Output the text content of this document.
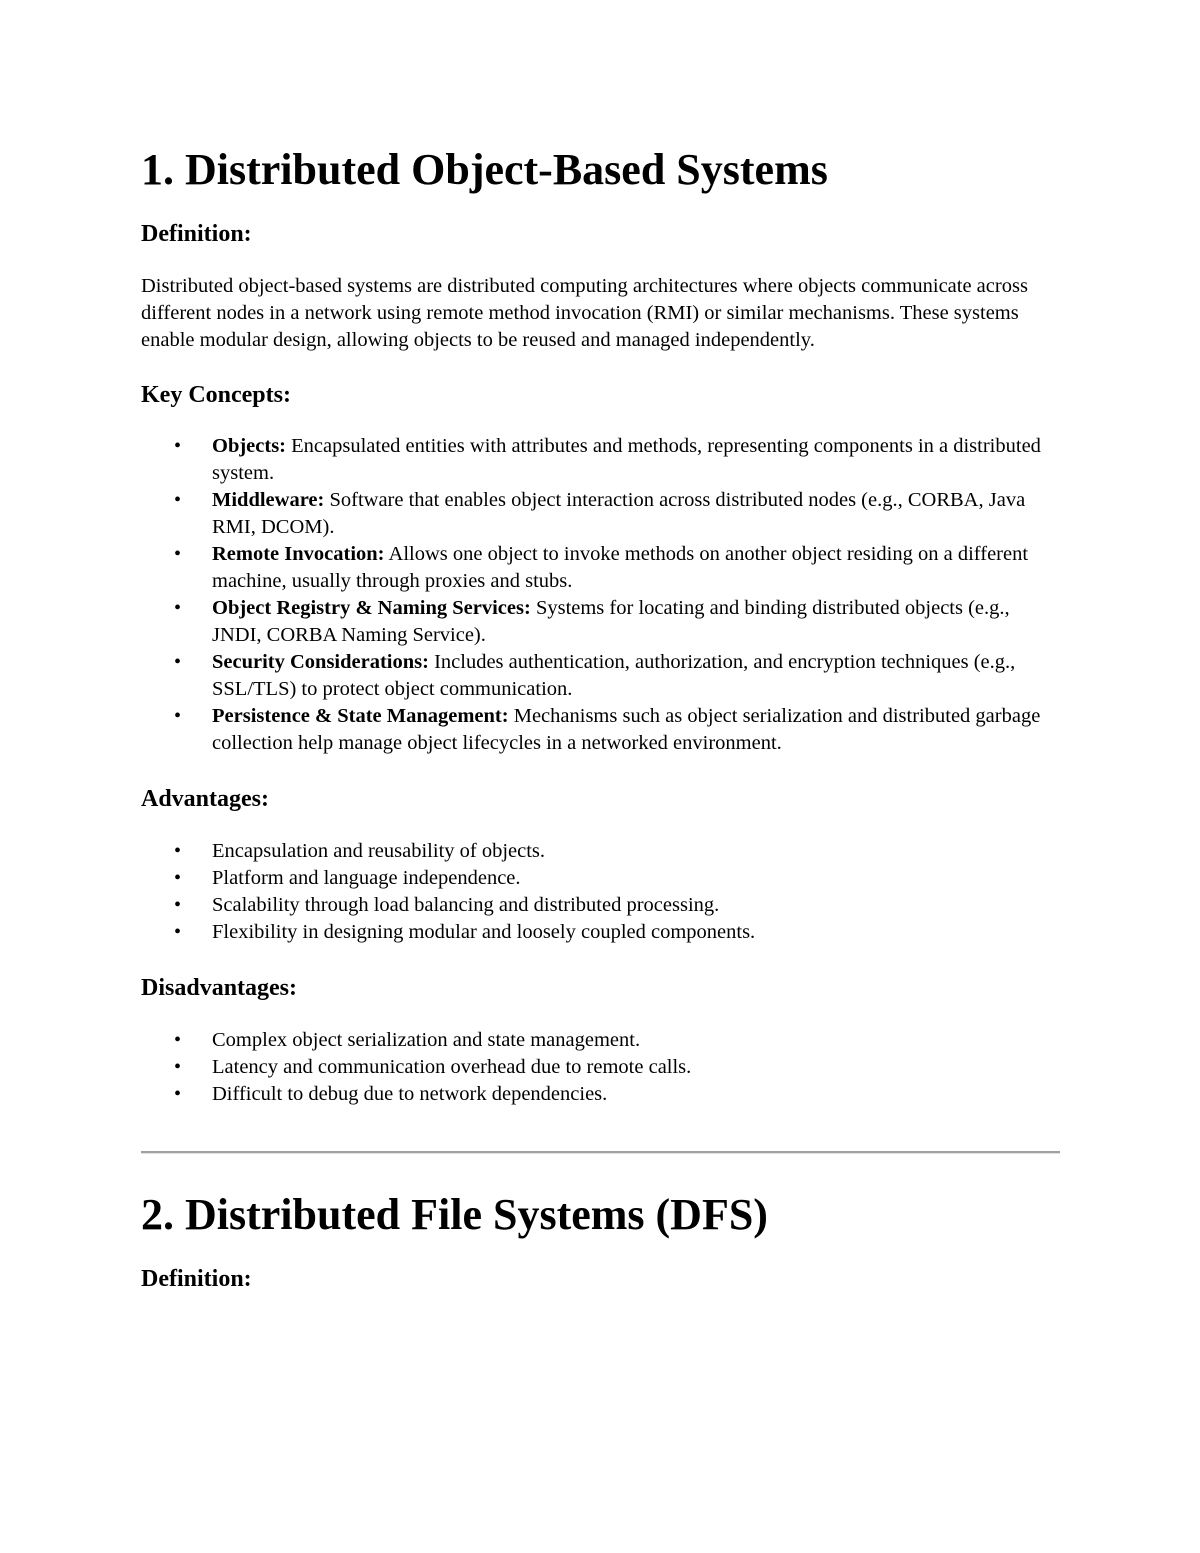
1. Distributed Object-Based Systems
Definition:

Distributed object-based systems are distributed computing architectures where objects communicate across different nodes in a network using remote method invocation (RMI) or similar mechanisms. These systems enable modular design, allowing objects to be reused and managed independently.

Key Concepts:
• Objects: Encapsulated entities with attributes and methods, representing components in a distributed system.
• Middleware: Software that enables object interaction across distributed nodes (e.g., CORBA, Java RMI, DCOM).
• Remote Invocation: Allows one object to invoke methods on another object residing on a different machine, usually through proxies and stubs.
• Object Registry & Naming Services: Systems for locating and binding distributed objects (e.g., JNDI, CORBA Naming Service).
• Security Considerations: Includes authentication, authorization, and encryption techniques (e.g., SSL/TLS) to protect object communication.
• Persistence & State Management: Mechanisms such as object serialization and distributed garbage collection help manage object lifecycles in a networked environment.
Advantages:
• Encapsulation and reusability of objects.
• Platform and language independence.
• Scalability through load balancing and distributed processing.
• Flexibility in designing modular and loosely coupled components.
Disadvantages:
• Complex object serialization and state management.
• Latency and communication overhead due to remote calls.
• Difficult to debug due to network dependencies.
2. Distributed File Systems (DFS)
Definition:
